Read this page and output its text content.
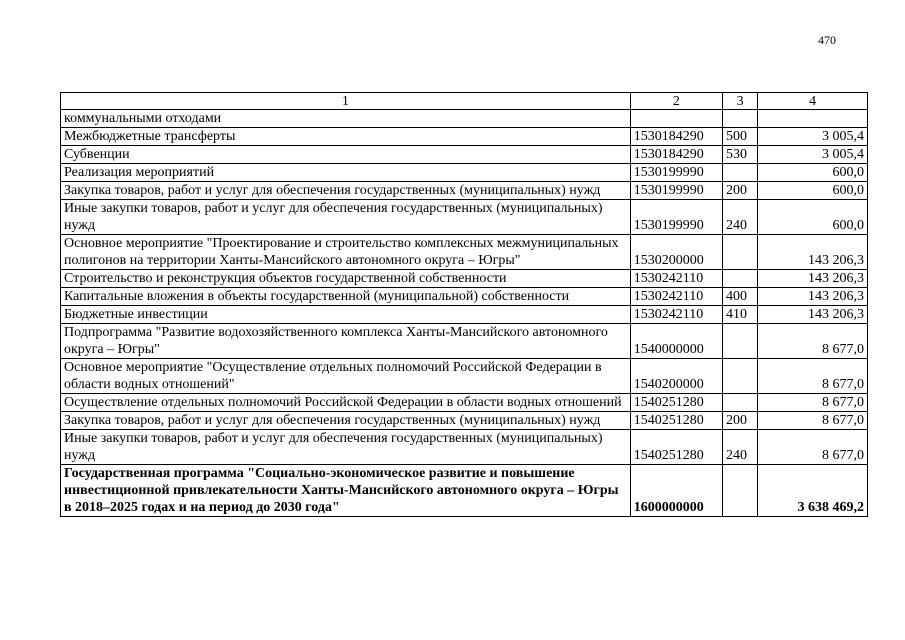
470
1	2	3	4
коммунальными отходами			
Межбюджетные трансферты	1530184290	500	3 005,4
Субвенции	1530184290	530	3 005,4
Реализация мероприятий	1530199990		600,0
Закупка товаров, работ и услуг для обеспечения государственных (муниципальных) нужд	1530199990	200	600,0
Иные закупки товаров, работ и услуг для обеспечения государственных (муниципальных) нужд	1530199990	240	600,0
Основное мероприятие "Проектирование и строительство комплексных межмуниципальных полигонов на территории Ханты-Мансийского автономного округа – Югры"	1530200000		143 206,3
Строительство и реконструкция объектов государственной собственности	1530242110		143 206,3
Капитальные вложения в объекты государственной (муниципальной) собственности	1530242110	400	143 206,3
Бюджетные инвестиции	1530242110	410	143 206,3
Подпрограмма "Развитие водохозяйственного комплекса Ханты-Мансийского автономного округа – Югры"	1540000000		8 677,0
Основное мероприятие "Осуществление отдельных полномочий Российской Федерации в области водных отношений"	1540200000		8 677,0
Осуществление отдельных полномочий Российской Федерации в области водных отношений	1540251280		8 677,0
Закупка товаров, работ и услуг для обеспечения государственных (муниципальных) нужд	1540251280	200	8 677,0
Иные закупки товаров, работ и услуг для обеспечения государственных (муниципальных) нужд	1540251280	240	8 677,0
Государственная программа "Социально-экономическое развитие и повышение инвестиционной привлекательности Ханты-Мансийского автономного округа – Югры в 2018–2025 годах и на период до 2030 года"	1600000000		3 638 469,2
